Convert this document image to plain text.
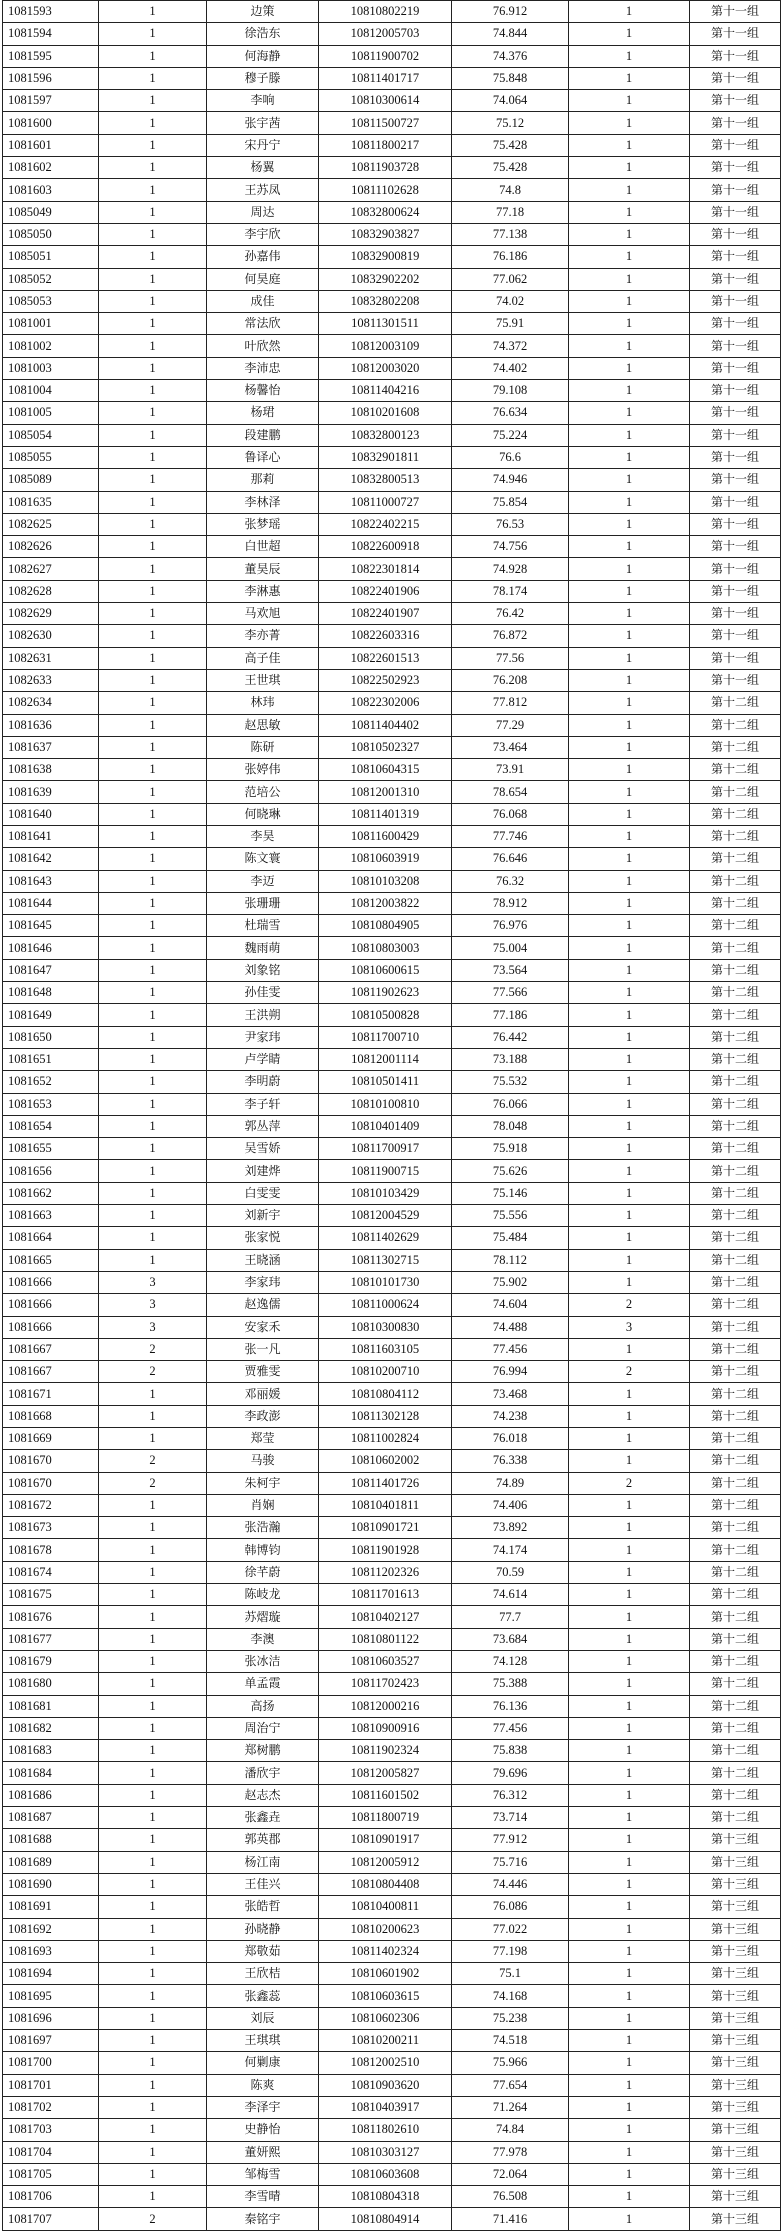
1081593	1	边策	10810802219	76.912	1	第十一组
1081594	1	徐浩东	10812005703	74.844	1	第十一组
1081595	1	何海静	10811900702	74.376	1	第十一组
1081596	1	穆子滕	10811401717	75.848	1	第十一组
1081597	1	李响	10810300614	74.064	1	第十一组
1081600	1	张宇茜	10811500727	75.12	1	第十一组
1081601	1	宋丹宁	10811800217	75.428	1	第十一组
1081602	1	杨翼	10811903728	75.428	1	第十一组
1081603	1	王苏凤	10811102628	74.8	1	第十一组
1085049	1	周达	10832800624	77.18	1	第十一组
1085050	1	李宇欣	10832903827	77.138	1	第十一组
1085051	1	孙嘉伟	10832900819	76.186	1	第十一组
1085052	1	何昊庭	10832902202	77.062	1	第十一组
1085053	1	成佳	10832802208	74.02	1	第十一组
1081001	1	常法欣	10811301511	75.91	1	第十一组
1081002	1	叶欣然	10812003109	74.372	1	第十一组
1081003	1	李沛忠	10812003020	74.402	1	第十一组
1081004	1	杨馨怡	10811404216	79.108	1	第十一组
1081005	1	杨珺	10810201608	76.634	1	第十一组
1085054	1	段建鹏	10832800123	75.224	1	第十一组
1085055	1	鲁译心	10832901811	76.6	1	第十一组
1085089	1	那莉	10832800513	74.946	1	第十一组
1081635	1	李林泽	10811000727	75.854	1	第十一组
1082625	1	张梦瑶	10822402215	76.53	1	第十一组
1082626	1	白世超	10822600918	74.756	1	第十一组
1082627	1	董昊辰	10822301814	74.928	1	第十一组
1082628	1	李淋惠	10822401906	78.174	1	第十一组
1082629	1	马欢旭	10822401907	76.42	1	第十一组
1082630	1	李亦菁	10822603316	76.872	1	第十一组
1082631	1	高子佳	10822601513	77.56	1	第十一组
1082633	1	王世琪	10822502923	76.208	1	第十一组
1082634	1	林玮	10822302006	77.812	1	第十二组
1081636	1	赵思敏	10811404402	77.29	1	第十二组
1081637	1	陈研	10810502327	73.464	1	第十二组
1081638	1	张婷伟	10810604315	73.91	1	第十二组
1081639	1	范培公	10812001310	78.654	1	第十二组
1081640	1	何晓琳	10811401319	76.068	1	第十二组
1081641	1	李昊	10811600429	77.746	1	第十二组
1081642	1	陈文寰	10810603919	76.646	1	第十二组
1081643	1	李迈	10810103208	76.32	1	第十二组
1081644	1	张珊珊	10812003822	78.912	1	第十二组
1081645	1	杜瑞雪	10810804905	76.976	1	第十二组
1081646	1	魏雨萌	10810803003	75.004	1	第十二组
1081647	1	刘象铭	10810600615	73.564	1	第十二组
1081648	1	孙佳雯	10811902623	77.566	1	第十二组
1081649	1	王洪朔	10810500828	77.186	1	第十二组
1081650	1	尹家玮	10811700710	76.442	1	第十二组
1081651	1	卢学睛	10812001114	73.188	1	第十二组
1081652	1	李明蔚	10810501411	75.532	1	第十二组
1081653	1	李子轩	10810100810	76.066	1	第十二组
1081654	1	郭丛萍	10810401409	78.048	1	第十二组
1081655	1	吴雪娇	10811700917	75.918	1	第十二组
1081656	1	刘建烨	10811900715	75.626	1	第十二组
1081662	1	白雯雯	10810103429	75.146	1	第十二组
1081663	1	刘新宇	10812004529	75.556	1	第十二组
1081664	1	张家悦	10811402629	75.484	1	第十二组
1081665	1	王晓涵	10811302715	78.112	1	第十二组
1081666	3	李家玮	10810101730	75.902	1	第十二组
1081666	3	赵逸儒	10811000624	74.604	2	第十二组
1081666	3	安家禾	10810300830	74.488	3	第十二组
1081667	2	张一凡	10811603105	77.456	1	第十二组
1081667	2	贾雅雯	10810200710	76.994	2	第十二组
1081671	1	邓丽媛	10810804112	73.468	1	第十二组
1081668	1	李政澎	10811302128	74.238	1	第十二组
1081669	1	郑莹	10811002824	76.018	1	第十二组
1081670	2	马骏	10810602002	76.338	1	第十二组
1081670	2	朱柯宇	10811401726	74.89	2	第十二组
1081672	1	肖娴	10810401811	74.406	1	第十二组
1081673	1	张浩瀚	10810901721	73.892	1	第十二组
1081678	1	韩博钧	10811901928	74.174	1	第十二组
1081674	1	徐芊蔚	10811202326	70.59	1	第十二组
1081675	1	陈岐龙	10811701613	74.614	1	第十二组
1081676	1	苏熠璇	10810402127	77.7	1	第十二组
1081677	1	李澳	10810801122	73.684	1	第十二组
1081679	1	张冰洁	10810603527	74.128	1	第十二组
1081680	1	单孟霞	10811702423	75.388	1	第十二组
1081681	1	高扬	10812000216	76.136	1	第十二组
1081682	1	周治宁	10810900916	77.456	1	第十二组
1081683	1	郑树鹏	10811902324	75.838	1	第十二组
1081684	1	潘欣宇	10812005827	79.696	1	第十二组
1081686	1	赵志杰	10811601502	76.312	1	第十二组
1081687	1	张鑫垚	10811800719	73.714	1	第十二组
1081688	1	郭英郡	10810901917	77.912	1	第十三组
1081689	1	杨江南	10812005912	75.716	1	第十三组
1081690	1	王佳兴	10810804408	74.446	1	第十三组
1081691	1	张皓哲	10810400811	76.086	1	第十三组
1081692	1	孙晓静	10810200623	77.022	1	第十三组
1081693	1	郑敬茹	10811402324	77.198	1	第十三组
1081694	1	王欣桔	10810601902	75.1	1	第十三组
1081695	1	张鑫蕊	10810603615	74.168	1	第十三组
1081696	1	刘辰	10810602306	75.238	1	第十三组
1081697	1	王琪琪	10810200211	74.518	1	第十三组
1081700	1	何剿康	10812002510	75.966	1	第十三组
1081701	1	陈爽	10810903620	77.654	1	第十三组
1081702	1	李泽宇	10810403917	71.264	1	第十三组
1081703	1	史静怡	10811802610	74.84	1	第十三组
1081704	1	董妍熙	10810303127	77.978	1	第十三组
1081705	1	邹梅雪	10810603608	72.064	1	第十三组
1081706	1	李雪晴	10810804318	76.508	1	第十三组
1081707	2	秦铭宇	10810804914	71.416	1	第十三组
